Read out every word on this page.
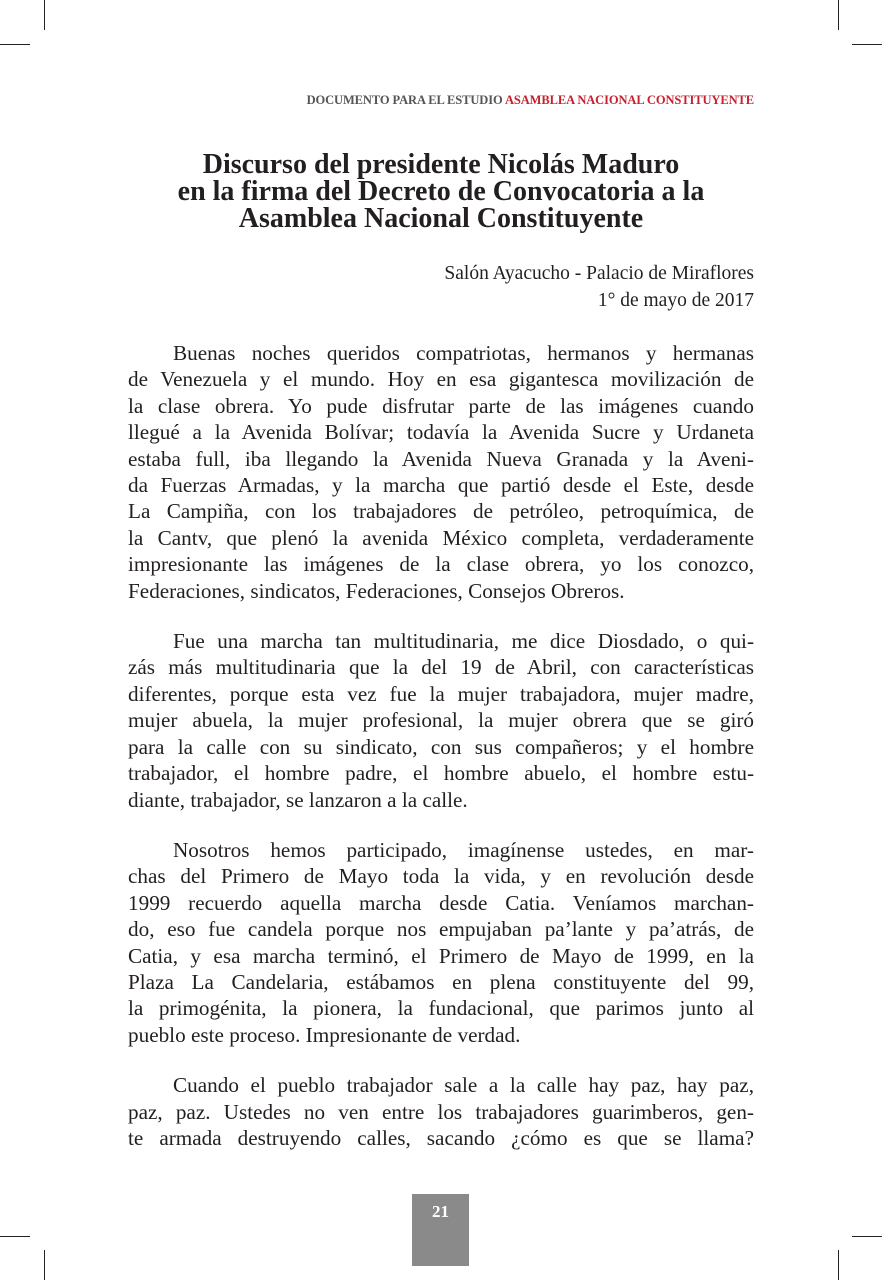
DOCUMENTO PARA EL ESTUDIO ASAMBLEA NACIONAL CONSTITUYENTE
Discurso del presidente Nicolás Maduro
en la firma del Decreto de Convocatoria a la
Asamblea Nacional Constituyente
Salón Ayacucho - Palacio de Miraflores
1° de mayo de 2017
Buenas noches queridos compatriotas, hermanos y hermanas
de Venezuela y el mundo. Hoy en esa gigantesca movilización de
la clase obrera. Yo pude disfrutar parte de las imágenes cuando
llegué a la Avenida Bolívar; todavía la Avenida Sucre y Urdaneta
estaba full, iba llegando la Avenida Nueva Granada y la Aveni-
da Fuerzas Armadas, y la marcha que partió desde el Este, desde
La Campiña, con los trabajadores de petróleo, petroquímica, de
la Cantv, que plenó la avenida México completa, verdaderamente
impresionante las imágenes de la clase obrera, yo los conozco,
Federaciones, sindicatos, Federaciones, Consejos Obreros.
Fue una marcha tan multitudinaria, me dice Diosdado, o qui-
zás más multitudinaria que la del 19 de Abril, con características
diferentes, porque esta vez fue la mujer trabajadora, mujer madre,
mujer abuela, la mujer profesional, la mujer obrera que se giró
para la calle con su sindicato, con sus compañeros; y el hombre
trabajador, el hombre padre, el hombre abuelo, el hombre estu-
diante, trabajador, se lanzaron a la calle.
Nosotros hemos participado, imagínense ustedes, en mar-
chas del Primero de Mayo toda la vida, y en revolución desde
1999 recuerdo aquella marcha desde Catia. Veníamos marchan-
do, eso fue candela porque nos empujaban pa’lante y pa’atrás, de
Catia, y esa marcha terminó, el Primero de Mayo de 1999, en la
Plaza La Candelaria, estábamos en plena constituyente del 99,
la primogénita, la pionera, la fundacional, que parimos junto al
pueblo este proceso. Impresionante de verdad.
Cuando el pueblo trabajador sale a la calle hay paz, hay paz,
paz, paz. Ustedes no ven entre los trabajadores guarimberos, gen-
te armada destruyendo calles, sacando ¿cómo es que se llama?
21
